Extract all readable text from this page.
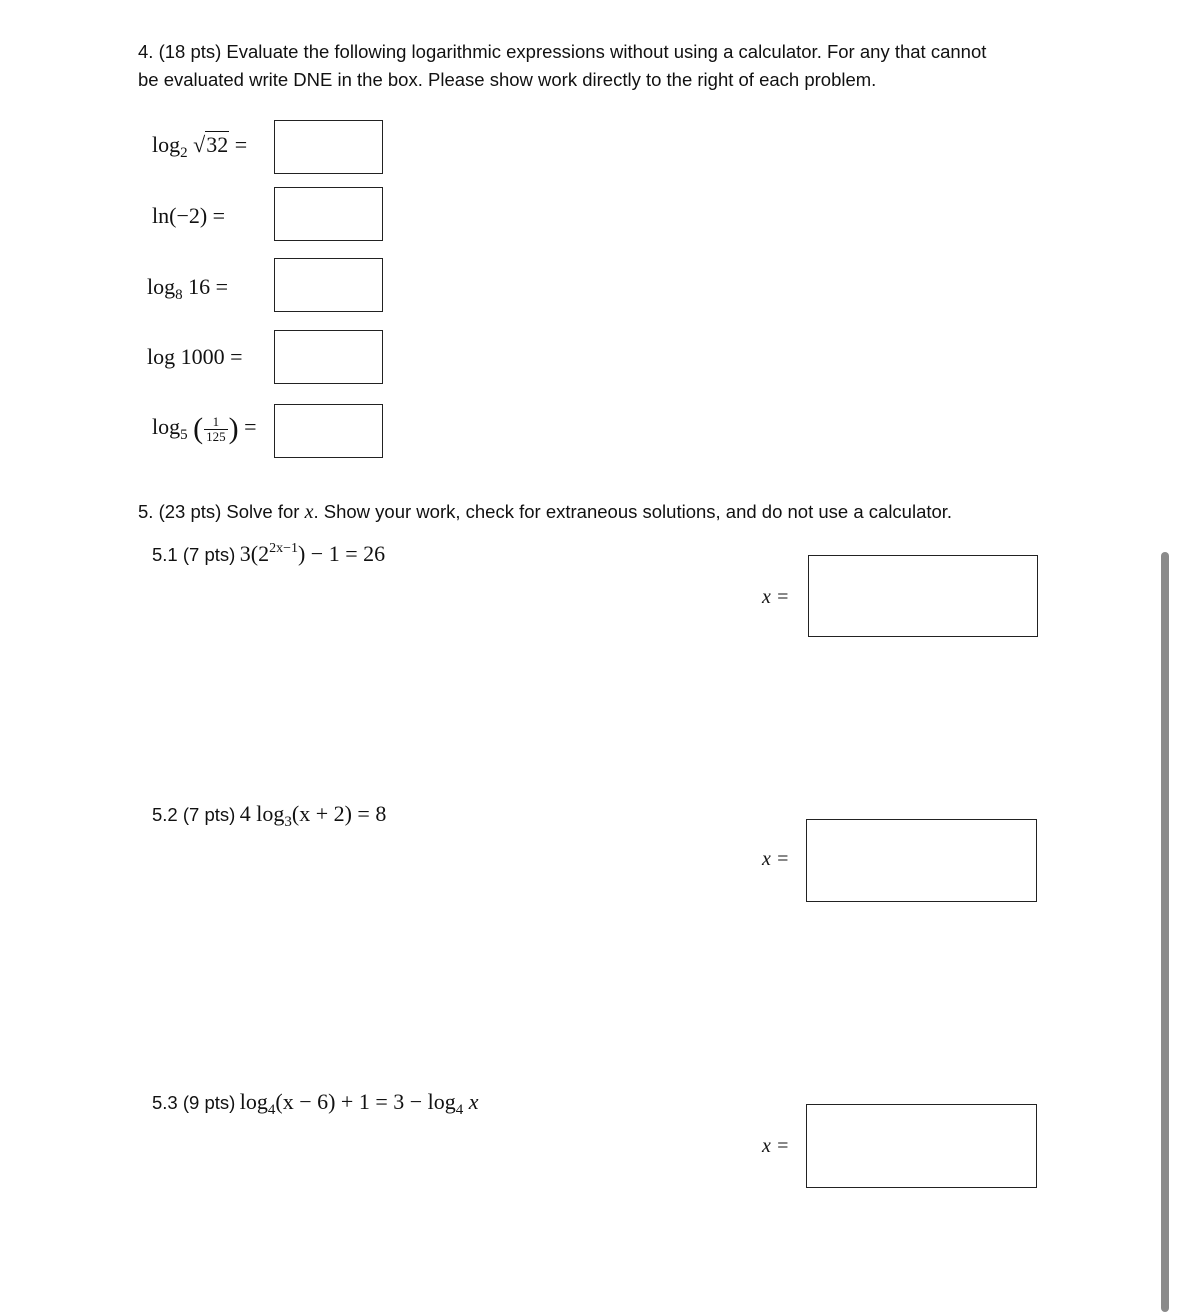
4. (18 pts) Evaluate the following logarithmic expressions without using a calculator. For any that cannot
be evaluated write DNE in the box. Please show work directly to the right of each problem.
$\log_2 √32$ =
ln(−2) =
$\log_8 16$ =
log 1000 =
$\log_5$ ( $\frac{1}{125}$ ) =
5. (23 pts) Solve for x. Show your work, check for extraneous solutions, and do not use a calculator.
5.1 (7 pts) $3(2^{2x-1}) - 1 = 26$
x =
5.2 (7 pts) 4 $\log_3(x + 2) = 8$
x =
5.3 (9 pts) $\log_4(x - 6) + 1 = 3 - \log_4 x$
x =
